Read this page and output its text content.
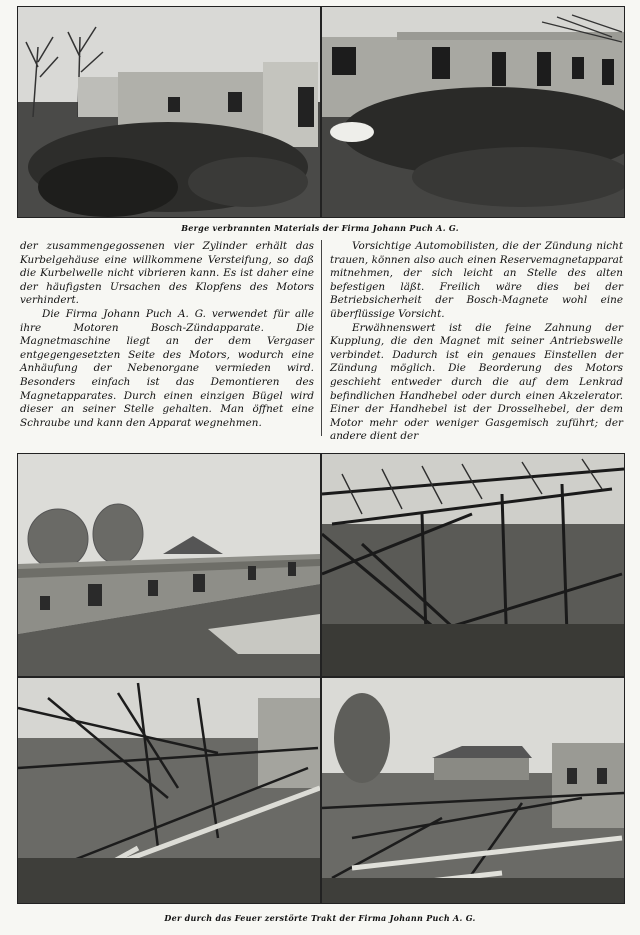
Berge verbrannten Materials der Firma Johann Puch A. G.

der zusammengegossenen vier Zylinder erhält das Kurbelgehäuse eine willkommene Versteifung, so daß die Kurbelwelle nicht vibrieren kann. Es ist daher eine der häufigsten Ursachen des Klopfens des Motors verhindert.

Die Firma Johann Puch A. G. verwendet für alle ihre Motoren Bosch-Zündapparate. Die Magnetmaschine liegt an der dem Vergaser entgegengesetzten Seite des Motors, wodurch eine Anhäufung der Nebenorgane vermieden wird. Besonders einfach ist das Demontieren des Magnetapparates. Durch einen einzigen Bügel wird dieser an seiner Stelle gehalten. Man öffnet eine Schraube und kann den Apparat wegnehmen.

Vorsichtige Automobilisten, die der Zündung nicht trauen, können also auch einen Reservemagnetapparat mitnehmen, der sich leicht an Stelle des alten befestigen läßt. Freilich wäre dies bei der Betriebsicherheit der Bosch-Magnete wohl eine überflüssige Vorsicht.

Erwähnenswert ist die feine Zahnung der Kupplung, die den Magnet mit seiner Antriebswelle verbindet. Dadurch ist ein genaues Einstellen der Zündung möglich. Die Beorderung des Motors geschieht entweder durch die auf dem Lenkrad befindlichen Handhebel oder durch einen Akzelerator. Einer der Handhebel ist der Drosselhebel, der dem Motor mehr oder weniger Gasgemisch zuführt; der andere dient der

Der durch das Feuer zerstörte Trakt der Firma Johann Puch A. G.
